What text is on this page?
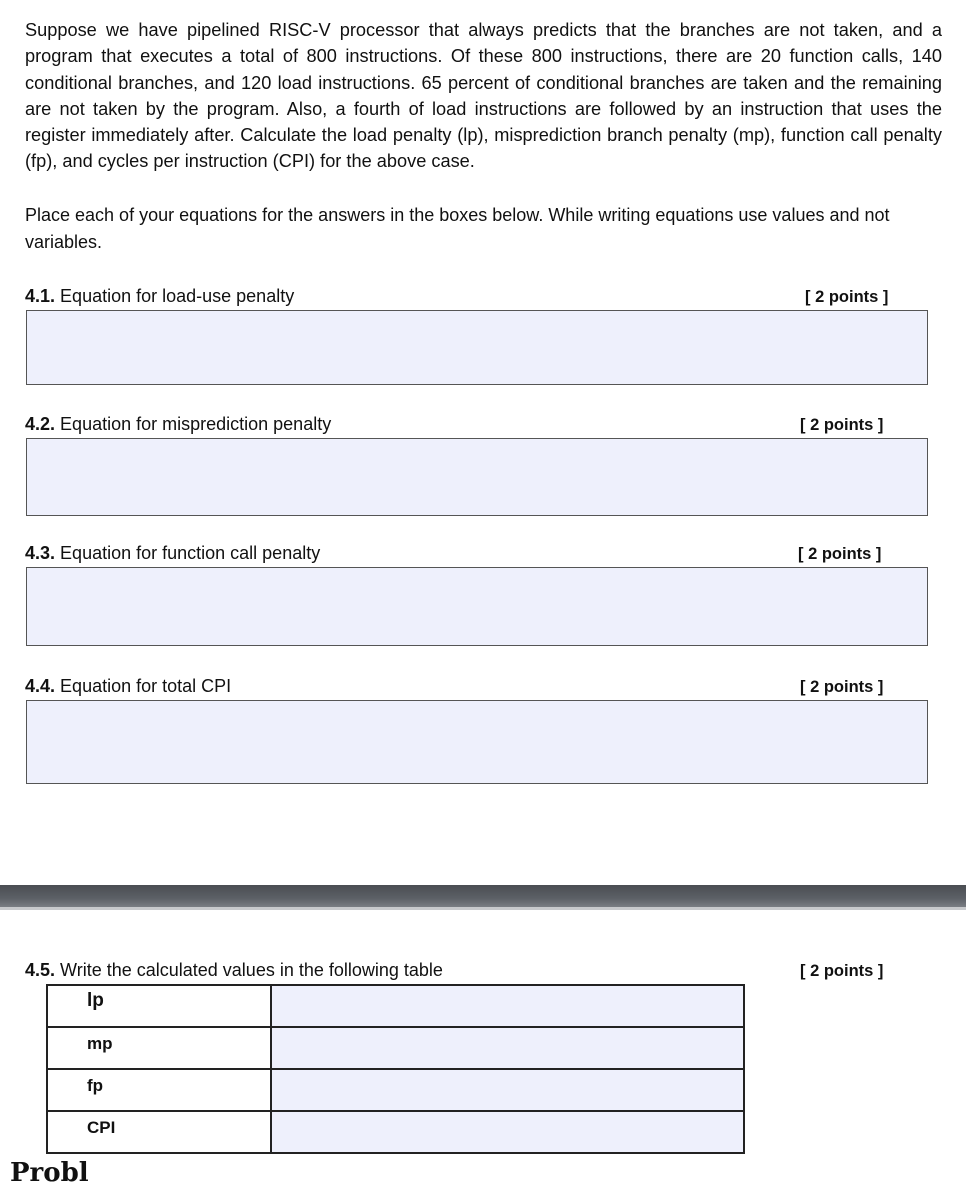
Suppose we have pipelined RISC-V processor that always predicts that the branches are not taken, and a program that executes a total of 800 instructions. Of these 800 instructions, there are 20 function calls, 140 conditional branches, and 120 load instructions. 65 percent of conditional branches are taken and the remaining are not taken by the program. Also, a fourth of load instructions are followed by an instruction that uses the register immediately after. Calculate the load penalty (lp), misprediction branch penalty (mp), function call penalty (fp), and cycles per instruction (CPI) for the above case.

Place each of your equations for the answers in the boxes below. While writing equations use values and not variables.

4.1. Equation for load-use penalty	[ 2 points ]
4.2. Equation for misprediction penalty	[ 2 points ]
4.3. Equation for function call penalty	[ 2 points ]
4.4. Equation for total CPI	[ 2 points ]
4.5. Write the calculated values in the following table	[ 2 points ]
lp	
mp	
fp	
CPI	
Probl
